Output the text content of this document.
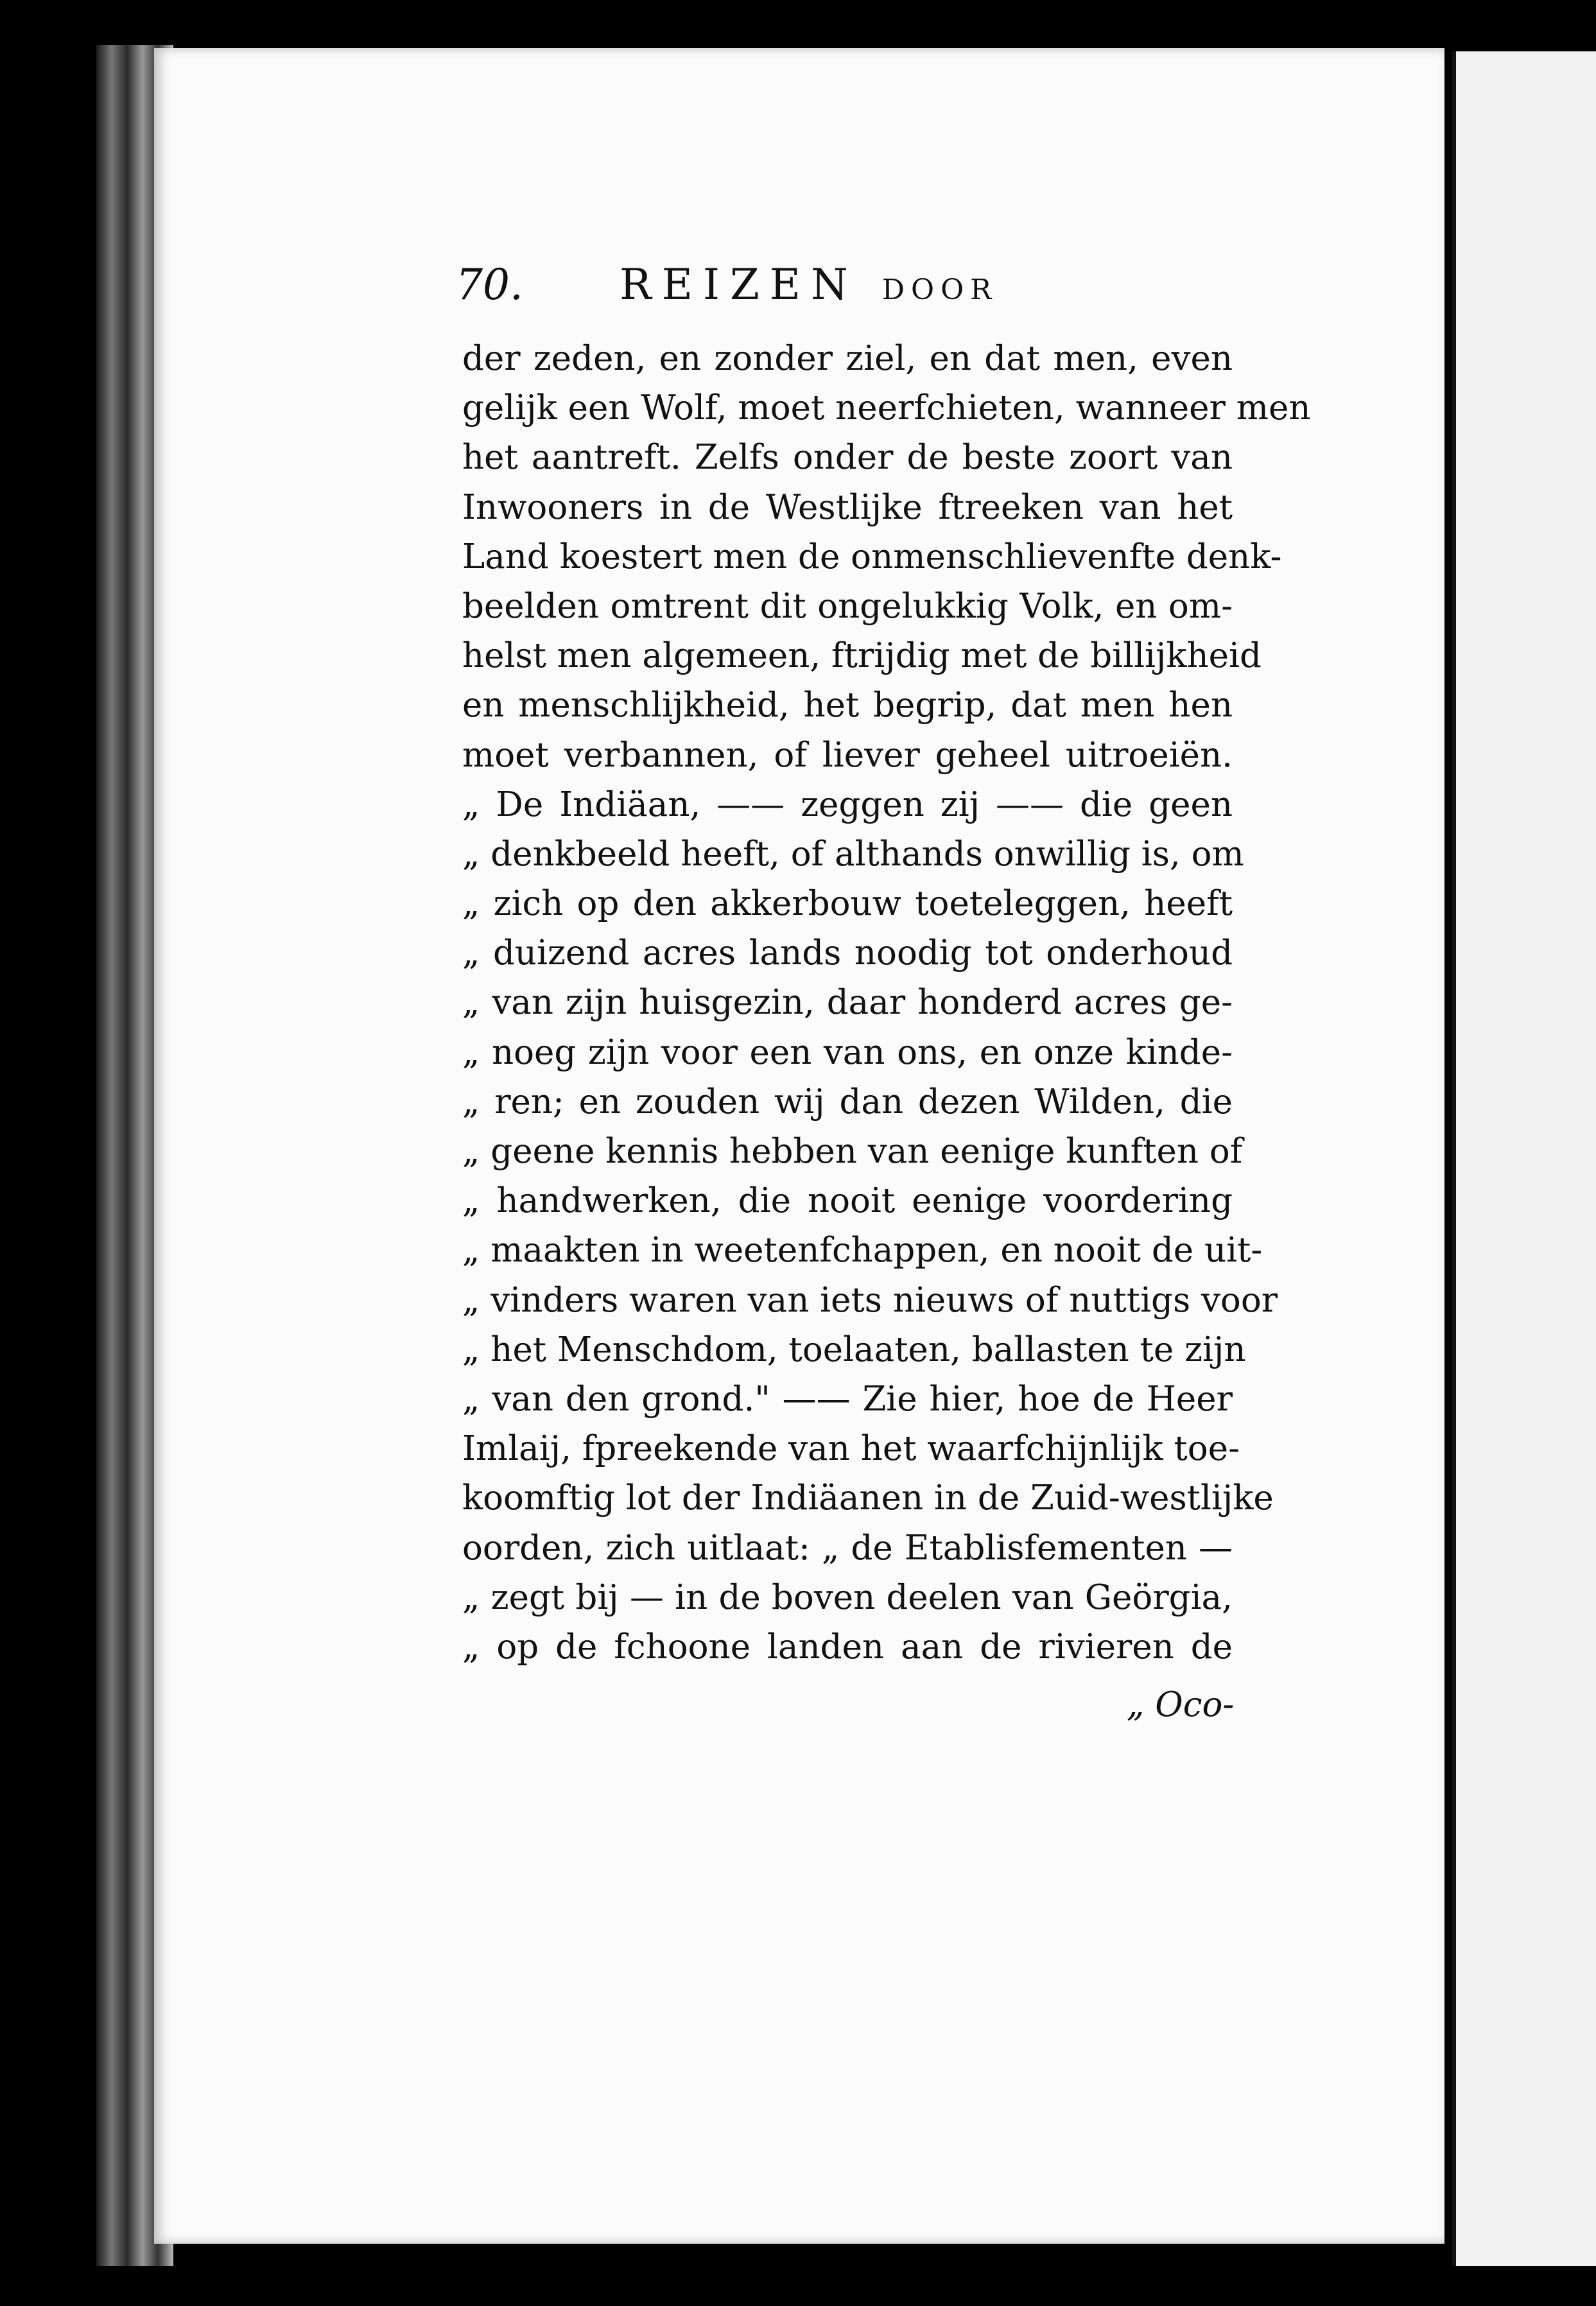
70. REIZEN DOOR
der zeden, en zonder ziel, en dat men, even
gelijk een Wolf, moet neerfchieten, wanneer men
het aantreft. Zelfs onder de beste zoort van
Inwooners in de Westlijke ftreeken van het
Land koestert men de onmenschlievenfte denk-
beelden omtrent dit ongelukkig Volk, en om-
helst men algemeen, ftrijdig met de billijkheid
en menschlijkheid, het begrip, dat men hen
moet verbannen, of liever geheel uitroeiën.
„ De Indiäan, —— zeggen zij —— die geen
„ denkbeeld heeft, of althands onwillig is, om
„ zich op den akkerbouw toeteleggen, heeft
„ duizend acres lands noodig tot onderhoud
„ van zijn huisgezin, daar honderd acres ge-
„ noeg zijn voor een van ons, en onze kinde-
„ ren; en zouden wij dan dezen Wilden, die
„ geene kennis hebben van eenige kunften of
„ handwerken, die nooit eenige voordering
„ maakten in weetenfchappen, en nooit de uit-
„ vinders waren van iets nieuws of nuttigs voor
„ het Menschdom, toelaaten, ballasten te zijn
„ van den grond." —— Zie hier, hoe de Heer
Imlaij, fpreekende van het waarfchijnlijk toe-
koomftig lot der Indiäanen in de Zuid-westlijke
oorden, zich uitlaat: „ de Etablisfementen —
„ zegt bij — in de boven deelen van Geörgia,
„ op de fchoone landen aan de rivieren de
„ Oco-
